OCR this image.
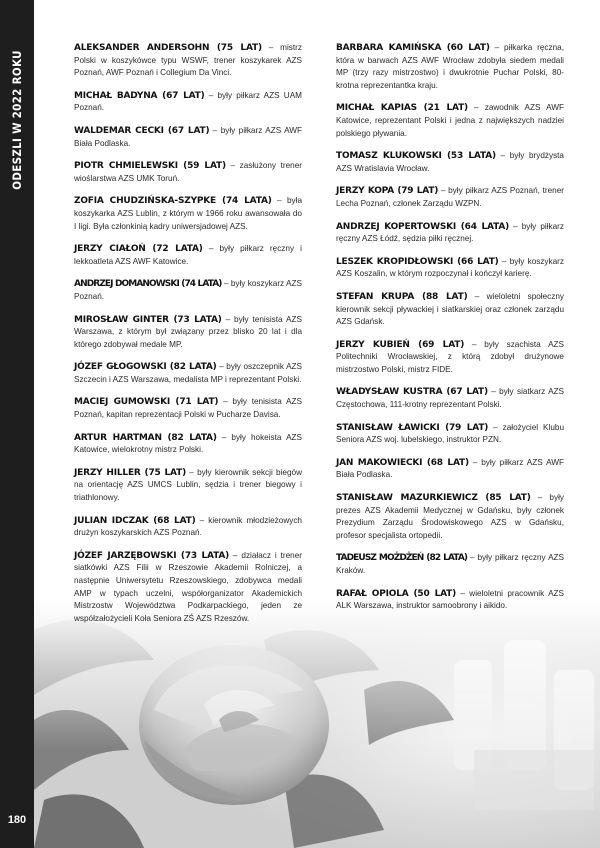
ODESZLI W 2022 ROKU
180

ALEKSANDER ANDERSOHN (75 LAT) – mistrz Polski w koszykówce typu WSWF, trener koszykarek AZS Poznań, AWF Poznań i Collegium Da Vinci.

MICHAŁ BADYNA (67 LAT) – były piłkarz AZS UAM Poznań.

WALDEMAR CECKI (67 LAT) – były piłkarz AZS AWF Biała Podlaska.

PIOTR CHMIELEWSKI (59 LAT) – zasłużony trener wioślarstwa AZS UMK Toruń.

ZOFIA CHUDZIŃSKA-SZYPKE (74 LATA) – była koszykarka AZS Lublin, z którym w 1966 roku awansowała do I ligi. Była członkinią kadry uniwersjadowej AZS.

JERZY CIAŁOŃ (72 LATA) – były piłkarz ręczny i lekkoatleta AZS AWF Katowice.

ANDRZEJ DOMANOWSKI (74 LATA) – były koszykarz AZS Poznań.

MIROSŁAW GINTER (73 LATA) – były tenisista AZS Warszawa, z którym był związany przez blisko 20 lat i dla którego zdobywał medale MP.

JÓZEF GŁOGOWSKI (82 LATA) – były oszczepnik AZS Szczecin i AZS Warszawa, medalista MP i reprezentant Polski.

MACIEJ GUMOWSKI (71 LAT) – były tenisista AZS Poznań, kapitan reprezentacji Polski w Pucharze Davisa.

ARTUR HARTMAN (82 LATA) – były hokeista AZS Katowice, wielokrotny mistrz Polski.

JERZY HILLER (75 LAT) – były kierownik sekcji biegów na orientację AZS UMCS Lublin, sędzia i trener biegowy i triathlonowy.

JULIAN IDCZAK (68 LAT) – kierownik młodzieżowych drużyn koszykarskich AZS Poznań.

JÓZEF JARZĘBOWSKI (73 LATA) – działacz i trener siatkówki AZS Filii w Rzeszowie Akademii Rolniczej, a następnie Uniwersytetu Rzeszowskiego, zdobywca medali AMP w typach uczelni, współorganizator Akademickich Mistrzostw Województwa Podkarpackiego, jeden ze współzałożycieli Koła Seniora ZŚ AZS Rzeszów.

BARBARA KAMIŃSKA (60 LAT) – piłkarka ręczna, która w barwach AZS AWF Wrocław zdobyła siedem medali MP (trzy razy mistrzostwo) i dwukrotnie Puchar Polski, 80-krotna reprezentantka kraju.

MICHAŁ KAPIAS (21 LAT) – zawodnik AZS AWF Katowice, reprezentant Polski i jedna z największych nadziei polskiego pływania.

TOMASZ KLUKOWSKI (53 LATA) – były brydżysta AZS Wratislavia Wrocław.

JERZY KOPA (79 LAT) – były piłkarz AZS Poznań, trener Lecha Poznań, członek Zarządu WZPN.

ANDRZEJ KOPERTOWSKI (64 LATA) – były piłkarz ręczny AZS Łódź, sędzia piłki ręcznej.

LESZEK KROPIDŁOWSKI (66 LAT) – były koszykarz AZS Koszalin, w którym rozpoczynał i kończył karierę.

STEFAN KRUPA (88 LAT) – wieloletni społeczny kierownik sekcji pływackiej i siatkarskiej oraz członek zarządu AZS Gdańsk.

JERZY KUBIEŃ (69 LAT) – były szachista AZS Politechniki Wrocławskiej, z którą zdobył drużynowe mistrzostwo Polski, mistrz FIDE.

WŁADYSŁAW KUSTRA (67 LAT) – były siatkarz AZS Częstochowa, 111-krotny reprezentant Polski.

STANISŁAW ŁAWICKI (79 LAT) – założyciel Klubu Seniora AZS woj. lubelskiego, instruktor PZN.

JAN MAKOWIECKI (68 LAT) – były piłkarz AZS AWF Biała Podlaska.

STANISŁAW MAZURKIEWICZ (85 LAT) – były prezes AZS Akademii Medycznej w Gdańsku, były członek Prezydium Zarządu Środowiskowego AZS w Gdańsku, profesor specjalista ortopedii.

TADEUSZ MOŻDŻEŃ (82 LATA) – były piłkarz ręczny AZS Kraków.

RAFAŁ OPIOLA (50 LAT) – wieloletni pracownik AZS ALK Warszawa, instruktor samoobrony i aikido.
